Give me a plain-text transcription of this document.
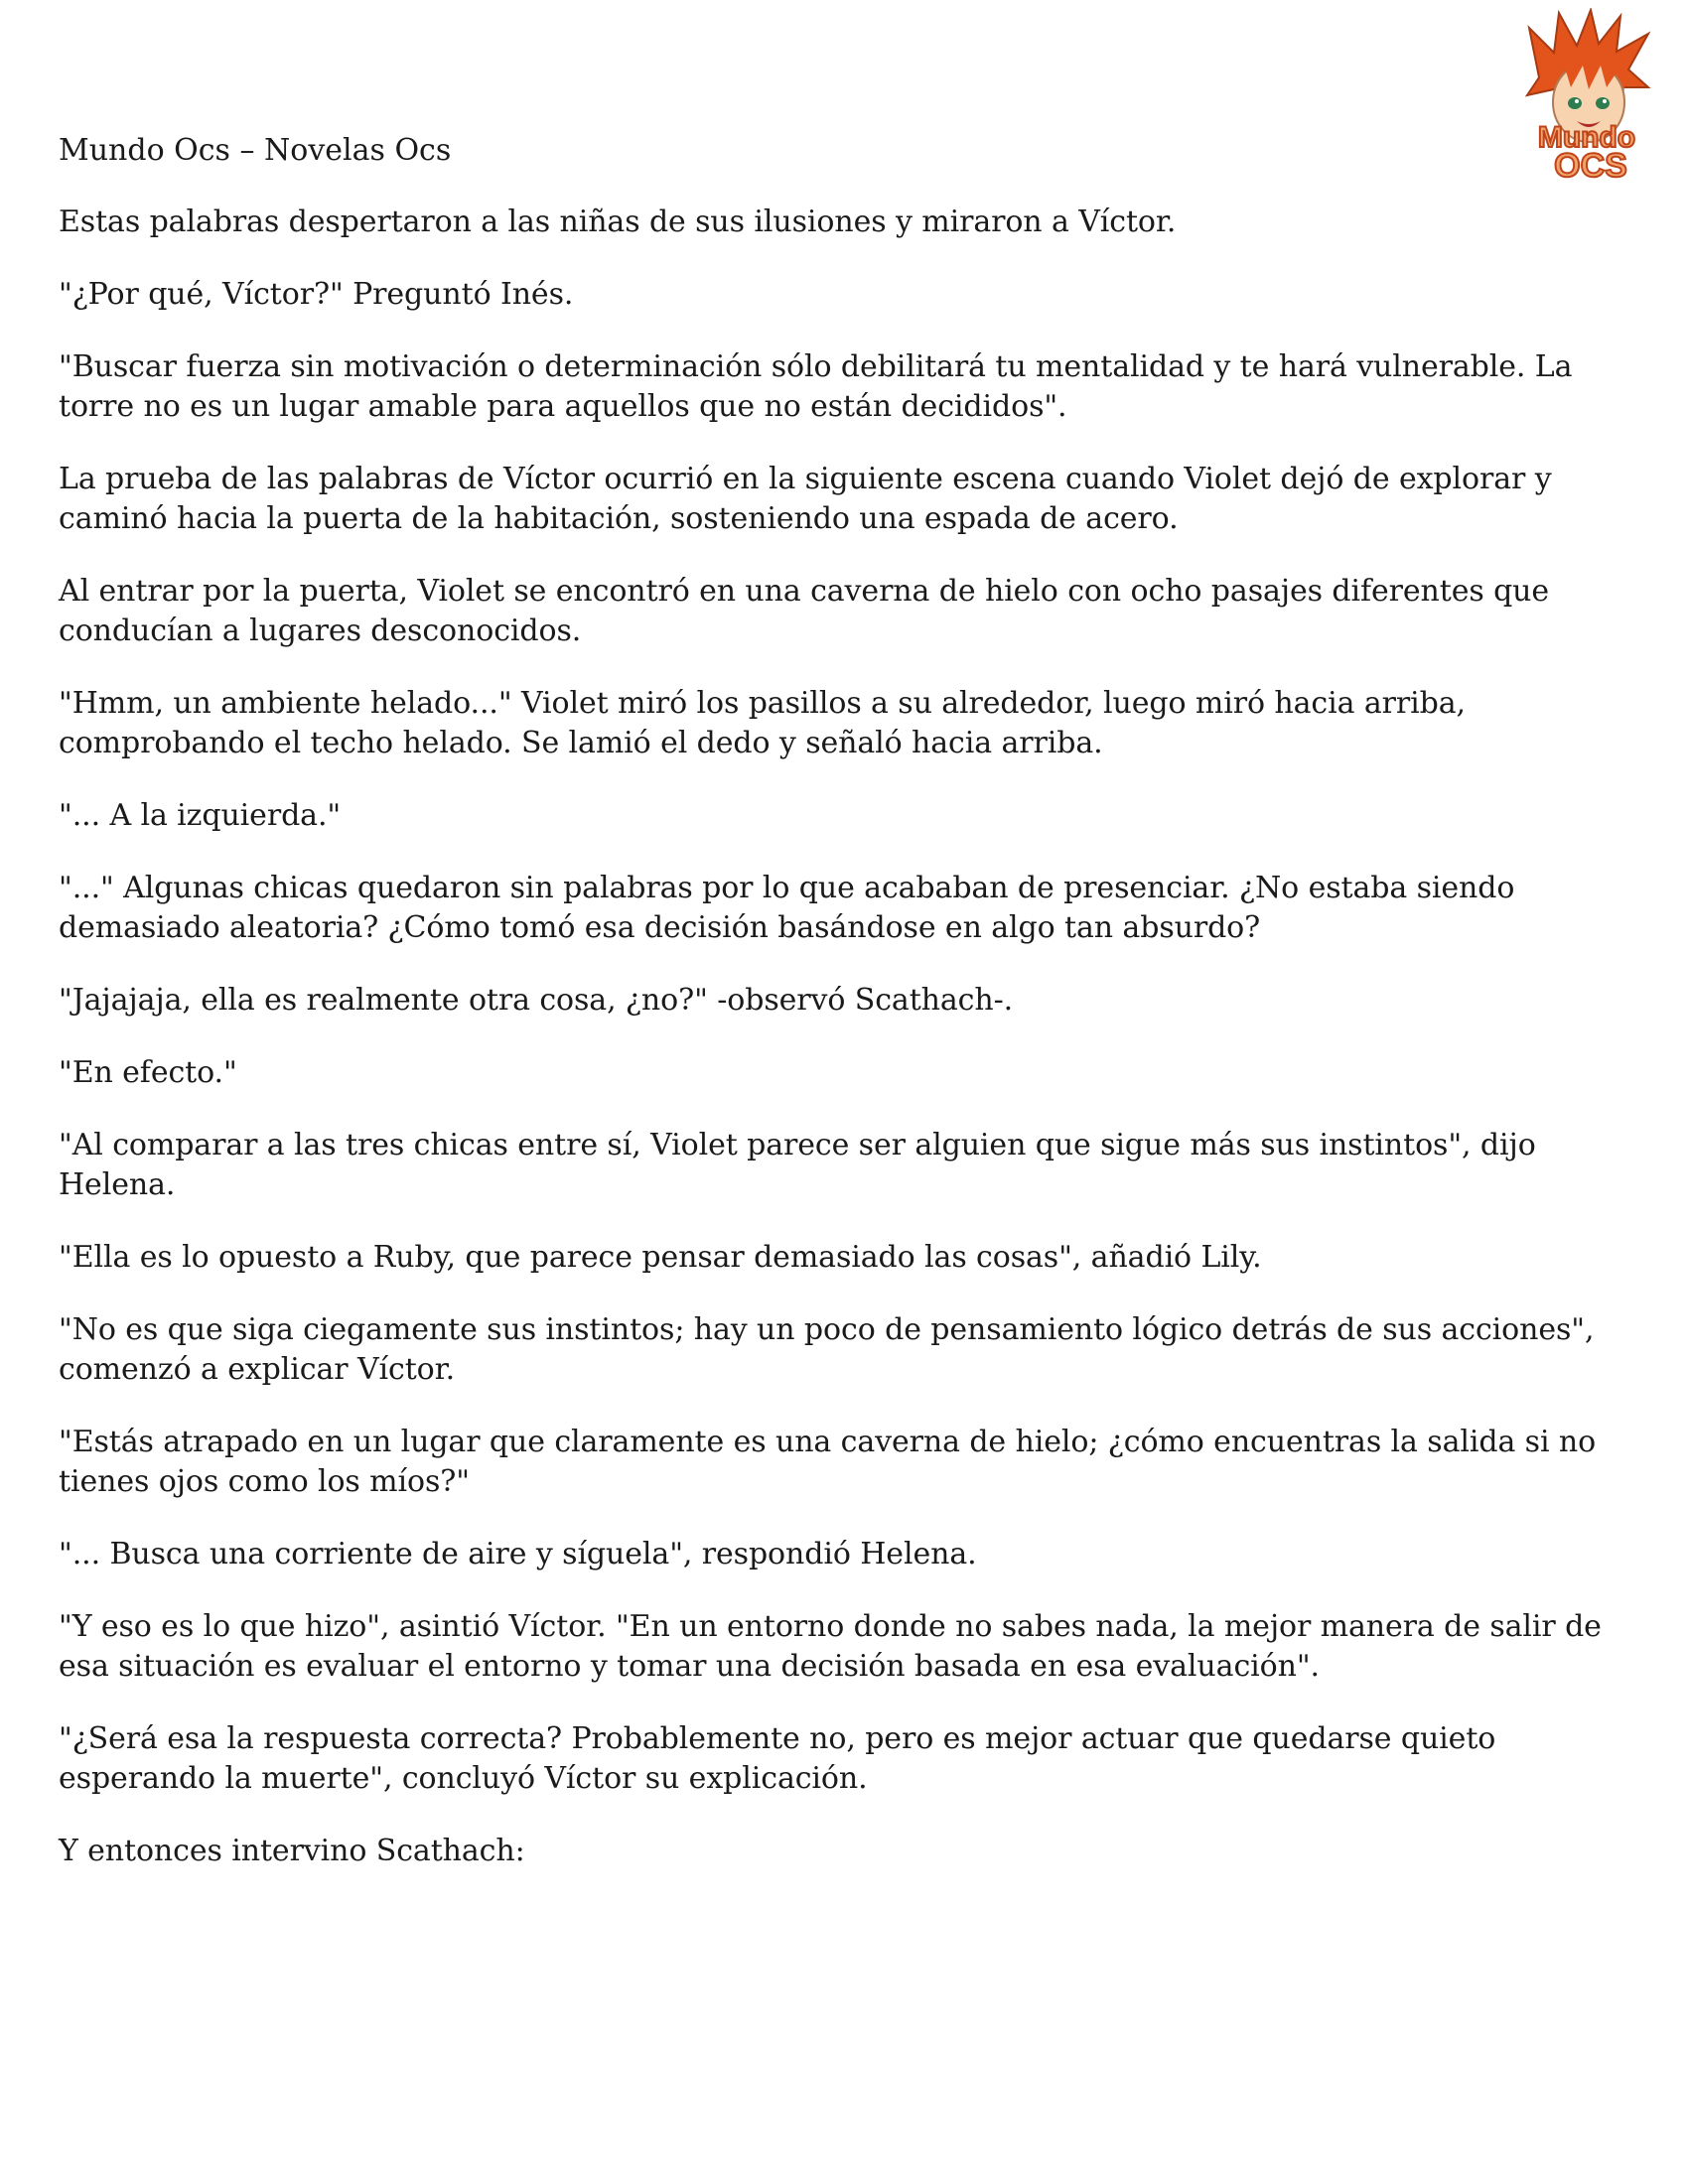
Mundo
OCS
Mundo Ocs – Novelas Ocs

Estas palabras despertaron a las niñas de sus ilusiones y miraron a Víctor.

"¿Por qué, Víctor?" Preguntó Inés.

"Buscar fuerza sin motivación o determinación sólo debilitará tu mentalidad y te hará vulnerable. La torre no es un lugar amable para aquellos que no están decididos".

La prueba de las palabras de Víctor ocurrió en la siguiente escena cuando Violet dejó de explorar y caminó hacia la puerta de la habitación, sosteniendo una espada de acero.

Al entrar por la puerta, Violet se encontró en una caverna de hielo con ocho pasajes diferentes que conducían a lugares desconocidos.

"Hmm, un ambiente helado..." Violet miró los pasillos a su alrededor, luego miró hacia arriba, comprobando el techo helado. Se lamió el dedo y señaló hacia arriba.

"... A la izquierda."

"..." Algunas chicas quedaron sin palabras por lo que acababan de presenciar. ¿No estaba siendo demasiado aleatoria? ¿Cómo tomó esa decisión basándose en algo tan absurdo?

"Jajajaja, ella es realmente otra cosa, ¿no?" -observó Scathach-.

"En efecto."

"Al comparar a las tres chicas entre sí, Violet parece ser alguien que sigue más sus instintos", dijo Helena.

"Ella es lo opuesto a Ruby, que parece pensar demasiado las cosas", añadió Lily.

"No es que siga ciegamente sus instintos; hay un poco de pensamiento lógico detrás de sus acciones", comenzó a explicar Víctor.

"Estás atrapado en un lugar que claramente es una caverna de hielo; ¿cómo encuentras la salida si no tienes ojos como los míos?"

"... Busca una corriente de aire y síguela", respondió Helena.

"Y eso es lo que hizo", asintió Víctor. "En un entorno donde no sabes nada, la mejor manera de salir de esa situación es evaluar el entorno y tomar una decisión basada en esa evaluación".

"¿Será esa la respuesta correcta? Probablemente no, pero es mejor actuar que quedarse quieto esperando la muerte", concluyó Víctor su explicación.

Y entonces intervino Scathach:
